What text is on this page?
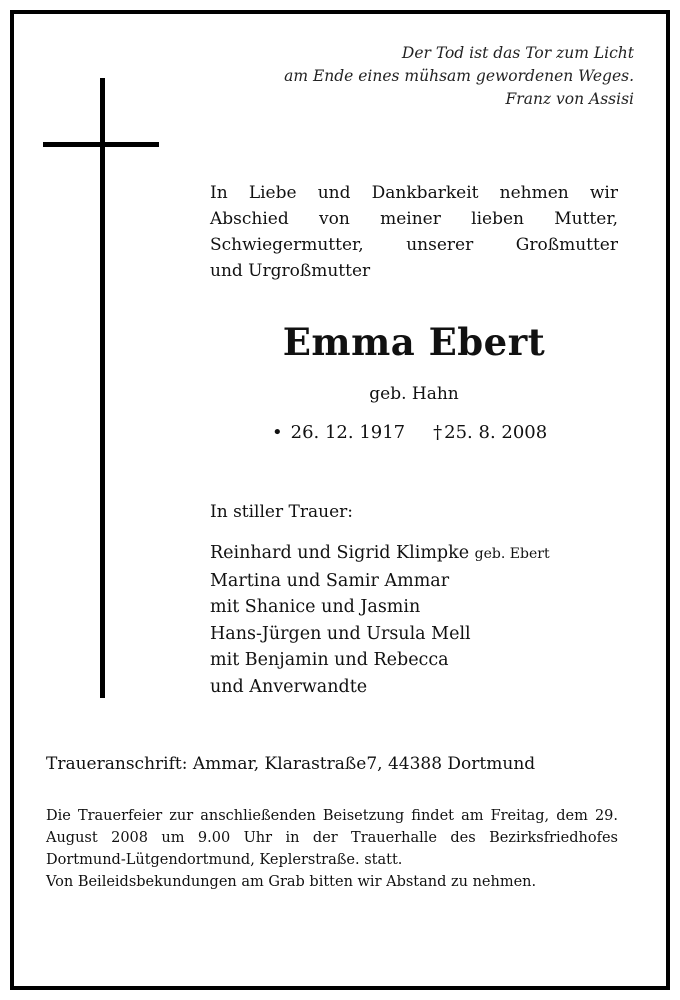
Der Tod ist das Tor zum Licht
am Ende eines mühsam gewordenen Weges.
Franz von Assisi
In Liebe und Dankbarkeit nehmen wir
Abschied von meiner lieben Mutter,
Schwiegermutter, unserer Großmutter
und Urgroßmutter
Emma Ebert
geb. Hahn
• 26. 12. 1917 † 25. 8. 2008
In stiller Trauer:
Reinhard und Sigrid Klimpke geb. Ebert
Martina und Samir Ammar
mit Shanice und Jasmin
Hans-Jürgen und Ursula Mell
mit Benjamin und Rebecca
und Anverwandte
Traueranschrift: Ammar, Klarastraße7, 44388 Dortmund
Die Trauerfeier zur anschließenden Beisetzung findet am Freitag, dem 29. August 2008 um 9.00 Uhr in der Trauerhalle des Bezirksfriedhofes Dortmund-Lütgendortmund, Keplerstraße. statt.
Von Beileidsbekundungen am Grab bitten wir Abstand zu nehmen.
